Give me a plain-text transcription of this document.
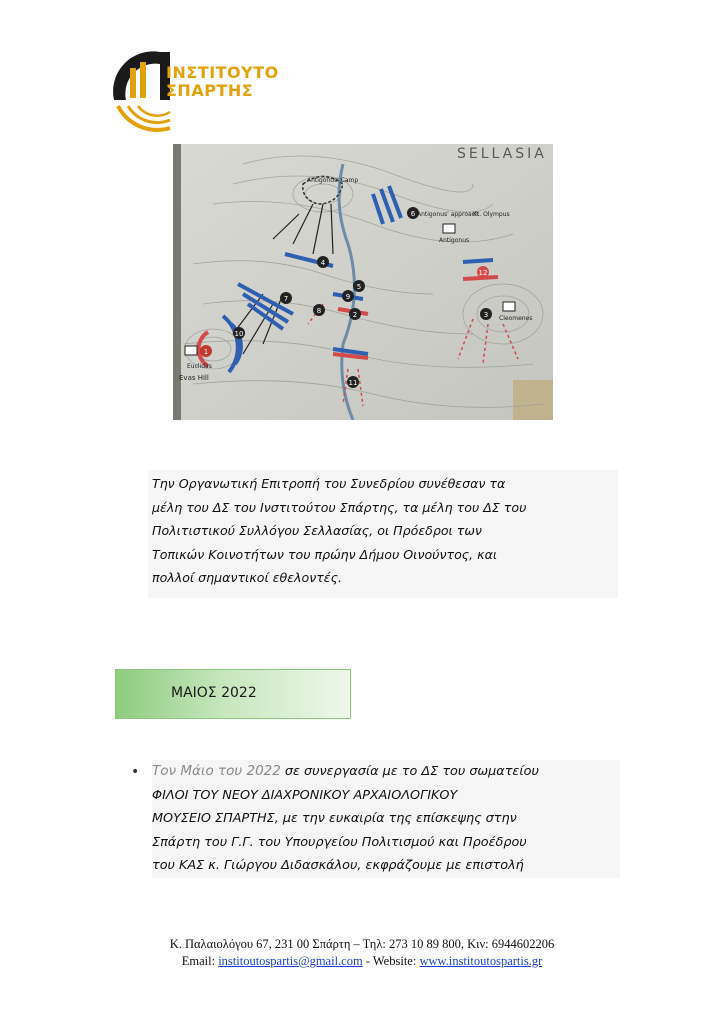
ΙΝΣΤΙΤΟΥΤΟ
ΣΠΑΡΤΗΣ
Antigonus' Camp
1
2	3
4
5
6
7
8
9
10
11
12
SELLASIA
Antigonus' approach
Kt. Olympus
Antigonus
Cleomenes
Euclidas
Evas Hill
Την Οργανωτική Επιτροπή του Συνεδρίου συνέθεσαν τα
μέλη του ΔΣ του Ινστιτούτου Σπάρτης, τα μέλη του ΔΣ του
Πολιτιστικού Συλλόγου Σελλασίας, οι Πρόεδροι των
Τοπικών Κοινοτήτων του πρώην Δήμου Οινούντος, και
πολλοί σημαντικοί εθελοντές.
ΜΑΙΟΣ 2022
• Τον Μάιο του 2022 σε συνεργασία με το ΔΣ του σωματείου
ΦΙΛΟΙ ΤΟΥ ΝΕΟΥ ΔΙΑΧΡΟΝΙΚΟΥ ΑΡΧΑΙΟΛΟΓΙΚΟΥ
ΜΟΥΣΕΙΟ ΣΠΑΡΤΗΣ, με την ευκαιρία της επίσκεψης στην
Σπάρτη του Γ.Γ. του Υπουργείου Πολιτισμού και Προέδρου
του ΚΑΣ κ. Γιώργου Διδασκάλου, εκφράζουμε με επιστολή
Κ. Παλαιολόγου 67, 231 00 Σπάρτη – Τηλ: 273 10 89 800, Κιν: 6944602206
Email: institoutospartis@gmail.com - Website: www.institoutospartis.gr
